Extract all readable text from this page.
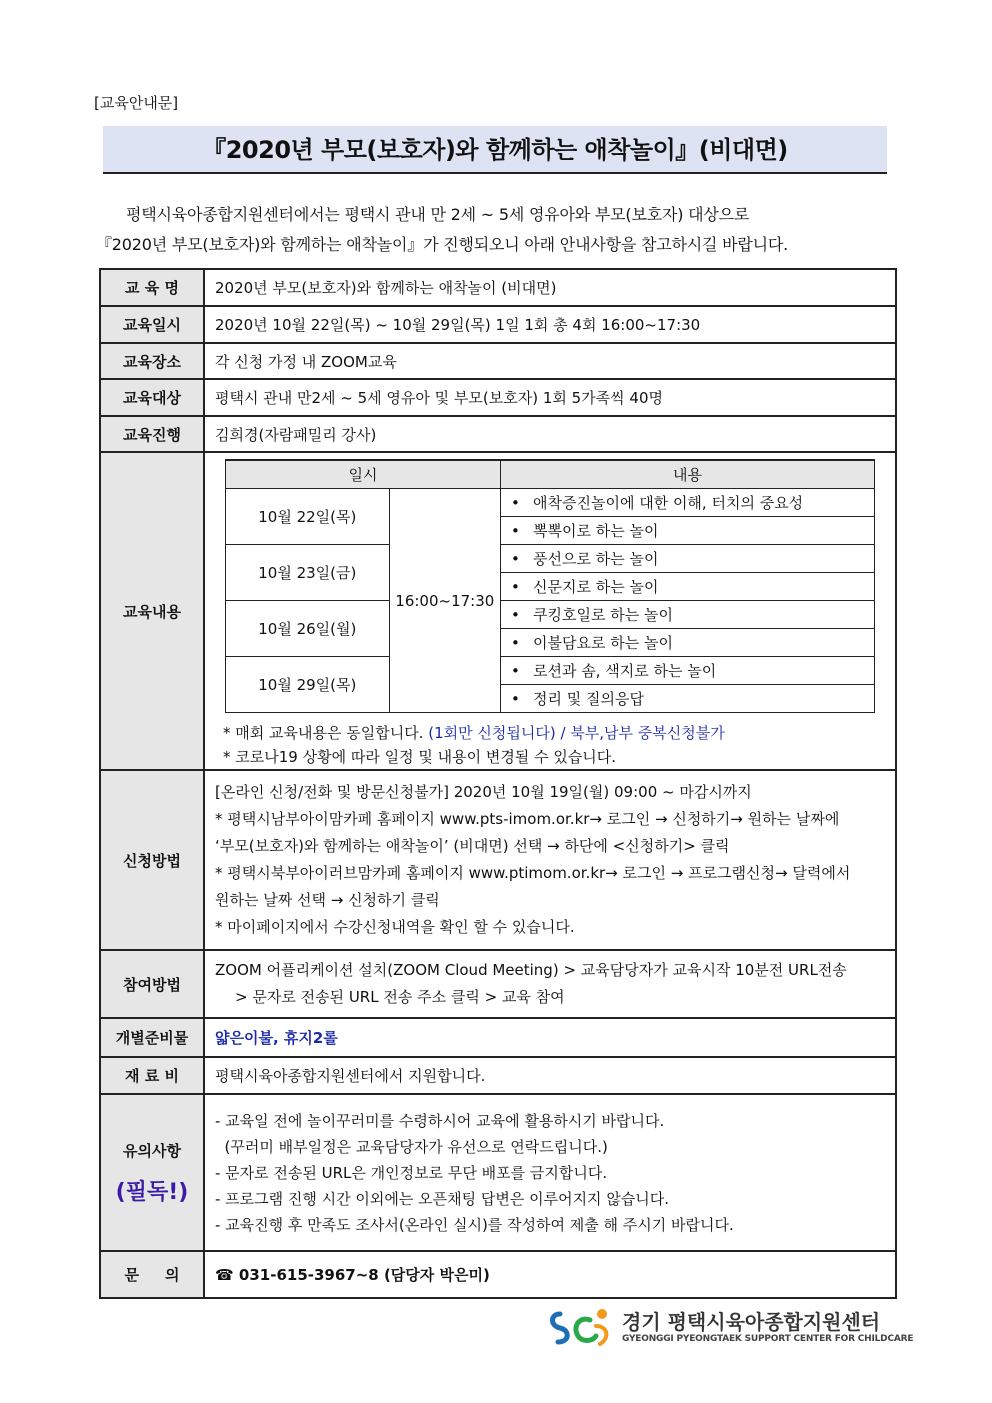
[교육안내문]
『2020년 부모(보호자)와 함께하는 애착놀이』(비대면)

평택시육아종합지원센터에서는 평택시 관내 만 2세 ~ 5세 영유아와 부모(보호자) 대상으로

『2020년 부모(보호자)와 함께하는 애착놀이』가 진행되오니 아래 안내사항을 참고하시길 바랍니다.

교 육 명	2020년 부모(보호자)와 함께하는 애착놀이 (비대면)
교육일시	2020년 10월 22일(목) ~ 10월 29일(목) 1일 1회 총 4회 16:00~17:30
교육장소	각 신청 가정 내 ZOOM교육
교육대상	평택시 관내 만2세 ~ 5세 영유아 및 부모(보호자) 1회 5가족씩 40명
교육진행	김희경(자람패밀리 강사)
교육내용	
일시	내용
10월 22일(목)	16:00~17:30	• 애착증진놀이에 대한 이해, 터치의 중요성
• 뽁뽁이로 하는 놀이
10월 23일(금)	• 풍선으로 하는 놀이
• 신문지로 하는 놀이
10월 26일(월)	• 쿠킹호일로 하는 놀이
• 이불담요로 하는 놀이
10월 29일(목)	• 로션과 솜, 색지로 하는 놀이
• 정리 및 질의응답
* 매회 교육내용은 동일합니다. (1회만 신청됩니다) / 북부,남부 중복신청불가
* 코로나19 상황에 따라 일정 및 내용이 변경될 수 있습니다.

신청방법	
[온라인 신청/전화 및 방문신청불가] 2020년 10월 19일(월) 09:00 ~ 마감시까지
* 평택시남부아이맘카페 홈페이지 www.pts-imom.or.kr→ 로그인 → 신청하기→ 원하는 날짜에
‘부모(보호자)와 함께하는 애착놀이’ (비대면) 선택 → 하단에 <신청하기> 클릭
* 평택시북부아이러브맘카페 홈페이지 www.ptimom.or.kr→ 로그인 → 프로그램신청→ 달력에서
원하는 날짜 선택 → 신청하기 클릭
* 마이페이지에서 수강신청내역을 확인 할 수 있습니다.

참여방법	
ZOOM 어플리케이션 설치(ZOOM Cloud Meeting) > 교육담당자가 교육시작 10분전 URL전송
> 문자로 전송된 URL 전송 주소 클릭 > 교육 참여

개별준비물	얇은이불, 휴지2롤
재 료 비	평택시육아종합지원센터에서 지원합니다.

유의사항
(필독!)

- 교육일 전에 놀이꾸러미를 수령하시어 교육에 활용하시기 바랍니다.
(꾸러미 배부일정은 교육담당자가 유선으로 연락드립니다.)
- 문자로 전송된 URL은 개인정보로 무단 배포를 금지합니다.
- 프로그램 진행 시간 이외에는 오픈채팅 답변은 이루어지지 않습니다.
- 교육진행 후 만족도 조사서(온라인 실시)를 작성하여 제출 해 주시기 바랍니다.

문     의	☎ 031-615-3967~8 (담당자 박은미)
경기 평택시육아종합지원센터
GYEONGGI PYEONGTAEK SUPPORT CENTER FOR CHILDCARE
